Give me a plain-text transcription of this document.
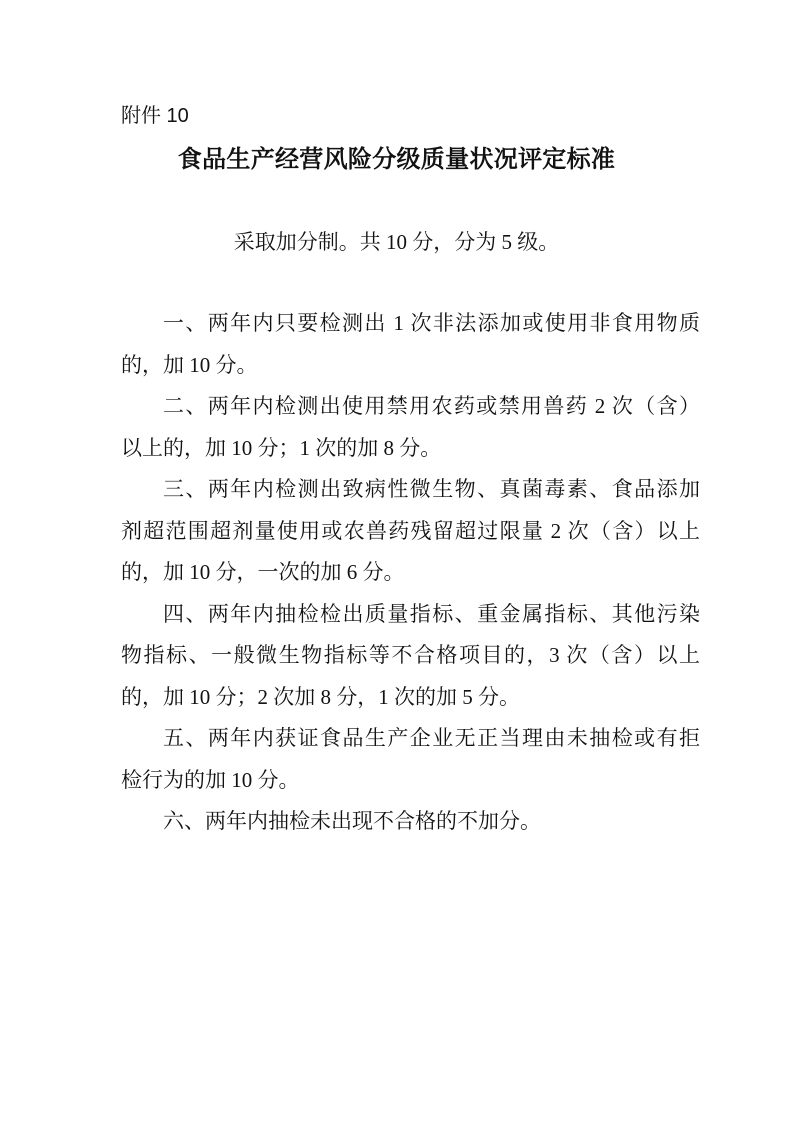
附件 10

食品生产经营风险分级质量状况评定标准

采取加分制。共 10 分，分为 5 级。

一、两年内只要检测出 1 次非法添加或使用非食用物质
的，加 10 分。

二、两年内检测出使用禁用农药或禁用兽药 2 次（含）
以上的，加 10 分；1 次的加 8 分。

三、两年内检测出致病性微生物、真菌毒素、食品添加
剂超范围超剂量使用或农兽药残留超过限量 2 次（含）以上
的，加 10 分，一次的加 6 分。

四、两年内抽检检出质量指标、重金属指标、其他污染
物指标、一般微生物指标等不合格项目的，3 次（含）以上
的，加 10 分；2 次加 8 分，1 次的加 5 分。

五、两年内获证食品生产企业无正当理由未抽检或有拒
检行为的加 10 分。

六、两年内抽检未出现不合格的不加分。
